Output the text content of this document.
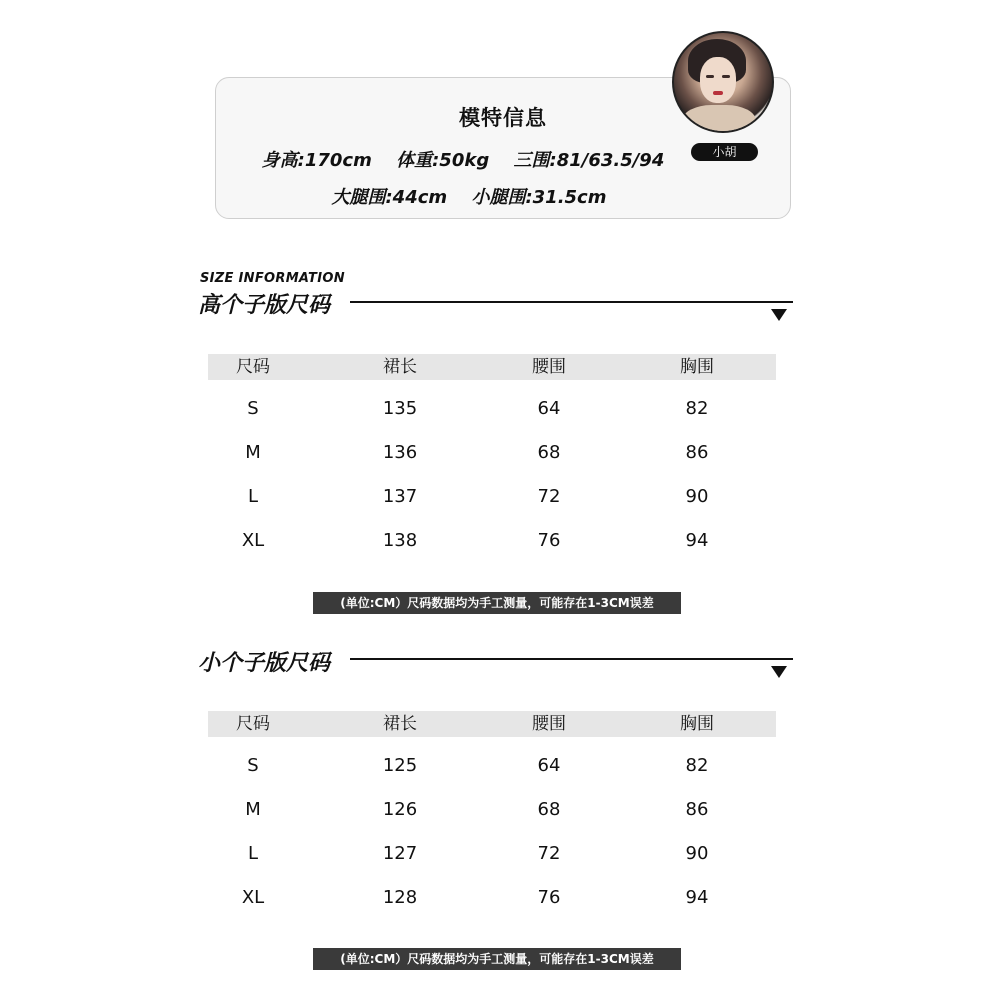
模特信息
身高:170cm 体重:50kg 三围:81/63.5/94
大腿围:44cm 小腿围:31.5cm
小胡
SIZE INFORMATION
高个子版尺码
尺码	裙长	腰围	胸围
S	135	64	82
M	136	68	86
L	137	72	90
XL	138	76	94
(单位:CM）尺码数据均为手工测量，可能存在1-3CM误差
小个子版尺码
尺码	裙长	腰围	胸围
S	125	64	82
M	126	68	86
L	127	72	90
XL	128	76	94
(单位:CM）尺码数据均为手工测量，可能存在1-3CM误差
